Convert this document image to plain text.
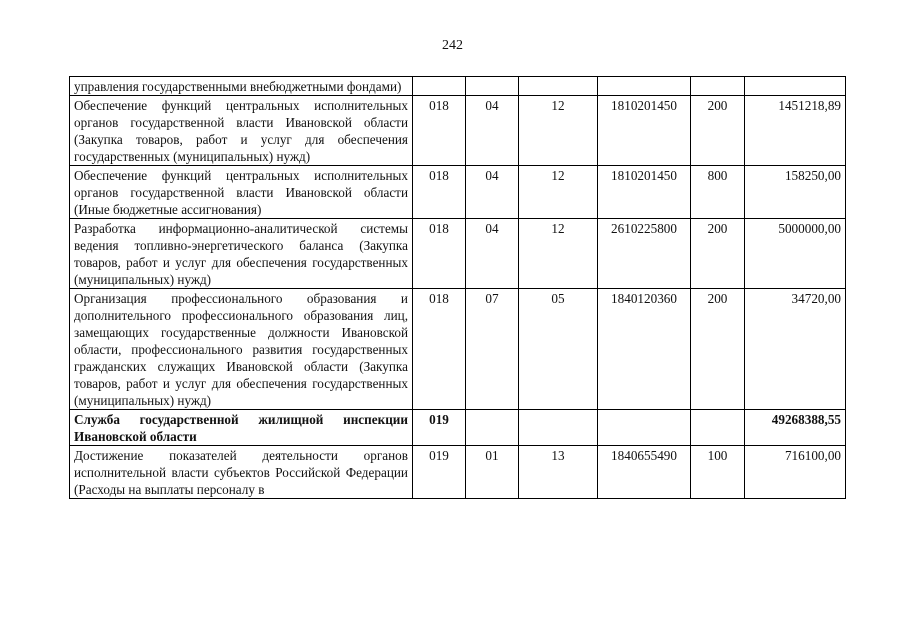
242
управления государственными внебюджетными фондами)						
Обеспечение функций центральных исполнительных органов государственной власти Ивановской области (Закупка товаров, работ и услуг для обеспечения государственных (муниципальных) нужд)	018	04	12	1810201450	200	1451218,89
Обеспечение функций центральных исполнительных органов государственной власти Ивановской области (Иные бюджетные ассигнования)	018	04	12	1810201450	800	158250,00
Разработка информационно-аналитической системы ведения топливно-энергетического баланса (Закупка товаров, работ и услуг для обеспечения государственных (муниципальных) нужд)	018	04	12	2610225800	200	5000000,00
Организация профессионального образования и дополнительного профессионального образования лиц, замещающих государственные должности Ивановской области, профессионального развития государственных гражданских служащих Ивановской области (Закупка товаров, работ и услуг для обеспечения государственных (муниципальных) нужд)	018	07	05	1840120360	200	34720,00
Служба государственной жилищной инспекции Ивановской области	019					49268388,55
Достижение показателей деятельности органов исполнительной власти субъектов Российской Федерации (Расходы на выплаты персоналу в	019	01	13	1840655490	100	716100,00
